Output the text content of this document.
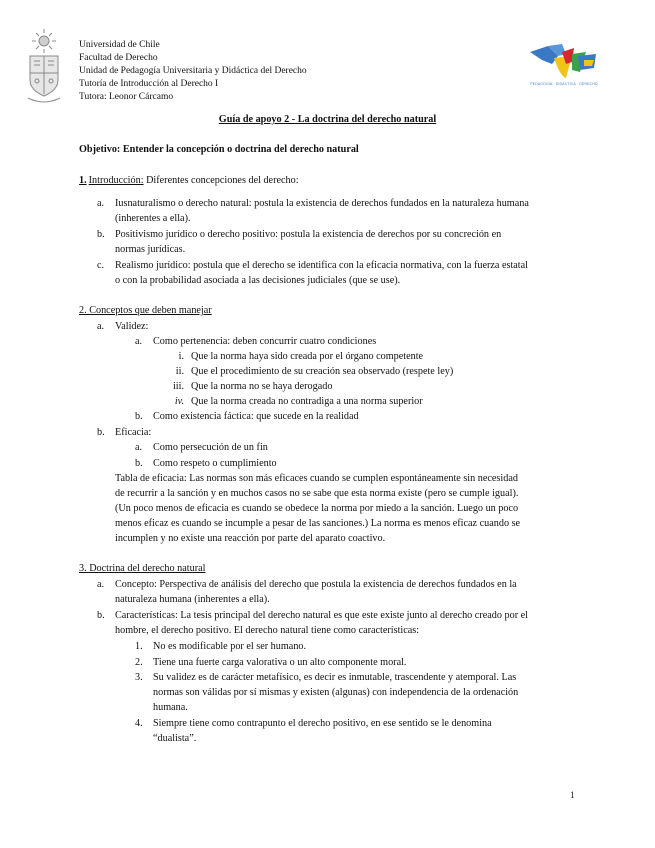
Universidad de Chile
Facultad de Derecho
Unidad de Pedagogía Universitaria y Didáctica del Derecho
Tutoría de Introducción al Derecho I
Tutora: Leonor Cárcamo
PEDAGOGÍA · DIDÁCTICA · DERECHO
Guía de apoyo 2 - La doctrina del derecho natural
Objetivo: Entender la concepción o doctrina del derecho natural
1. Introducción: Diferentes concepciones del derecho:
a. Iusnaturalismo o derecho natural: postula la existencia de derechos fundados en la naturaleza humana
(inherentes a ella).
b. Positivismo jurídico o derecho positivo: postula la existencia de derechos por su concreción en
normas jurídicas.
c. Realismo jurídico: postula que el derecho se identifica con la eficacia normativa, con la fuerza estatal
o con la probabilidad asociada a las decisiones judiciales (que se use).
2. Conceptos que deben manejar
a. Validez:
a. Como pertenencia: deben concurrir cuatro condiciones
i. Que la norma haya sido creada por el órgano competente
ii. Que el procedimiento de su creación sea observado (respete ley)
iii. Que la norma no se haya derogado
iv. Que la norma creada no contradiga a una norma superior
b. Como existencia fáctica: que sucede en la realidad
b. Eficacia:
a. Como persecución de un fin
b. Como respeto o cumplimiento
Tabla de eficacia: Las normas son más eficaces cuando se cumplen espontáneamente sin necesidad
de recurrir a la sanción y en muchos casos no se sabe que esta norma existe (pero se cumple igual).
(Un poco menos de eficacia es cuando se obedece la norma por miedo a la sanción. Luego un poco
menos eficaz es cuando se incumple a pesar de las sanciones.) La norma es menos eficaz cuando se
incumplen y no existe una reacción por parte del aparato coactivo.
3. Doctrina del derecho natural
a. Concepto: Perspectiva de análisis del derecho que postula la existencia de derechos fundados en la
naturaleza humana (inherentes a ella).
b. Características: La tesis principal del derecho natural es que este existe junto al derecho creado por el
hombre, el derecho positivo. El derecho natural tiene como características:
1. No es modificable por el ser humano.
2. Tiene una fuerte carga valorativa o un alto componente moral.
3. Su validez es de carácter metafísico, es decir es inmutable, trascendente y atemporal. Las
normas son válidas por sí mismas y existen (algunas) con independencia de la ordenación
humana.
4. Siempre tiene como contrapunto el derecho positivo, en ese sentido se le denomina
“dualista”.
1
